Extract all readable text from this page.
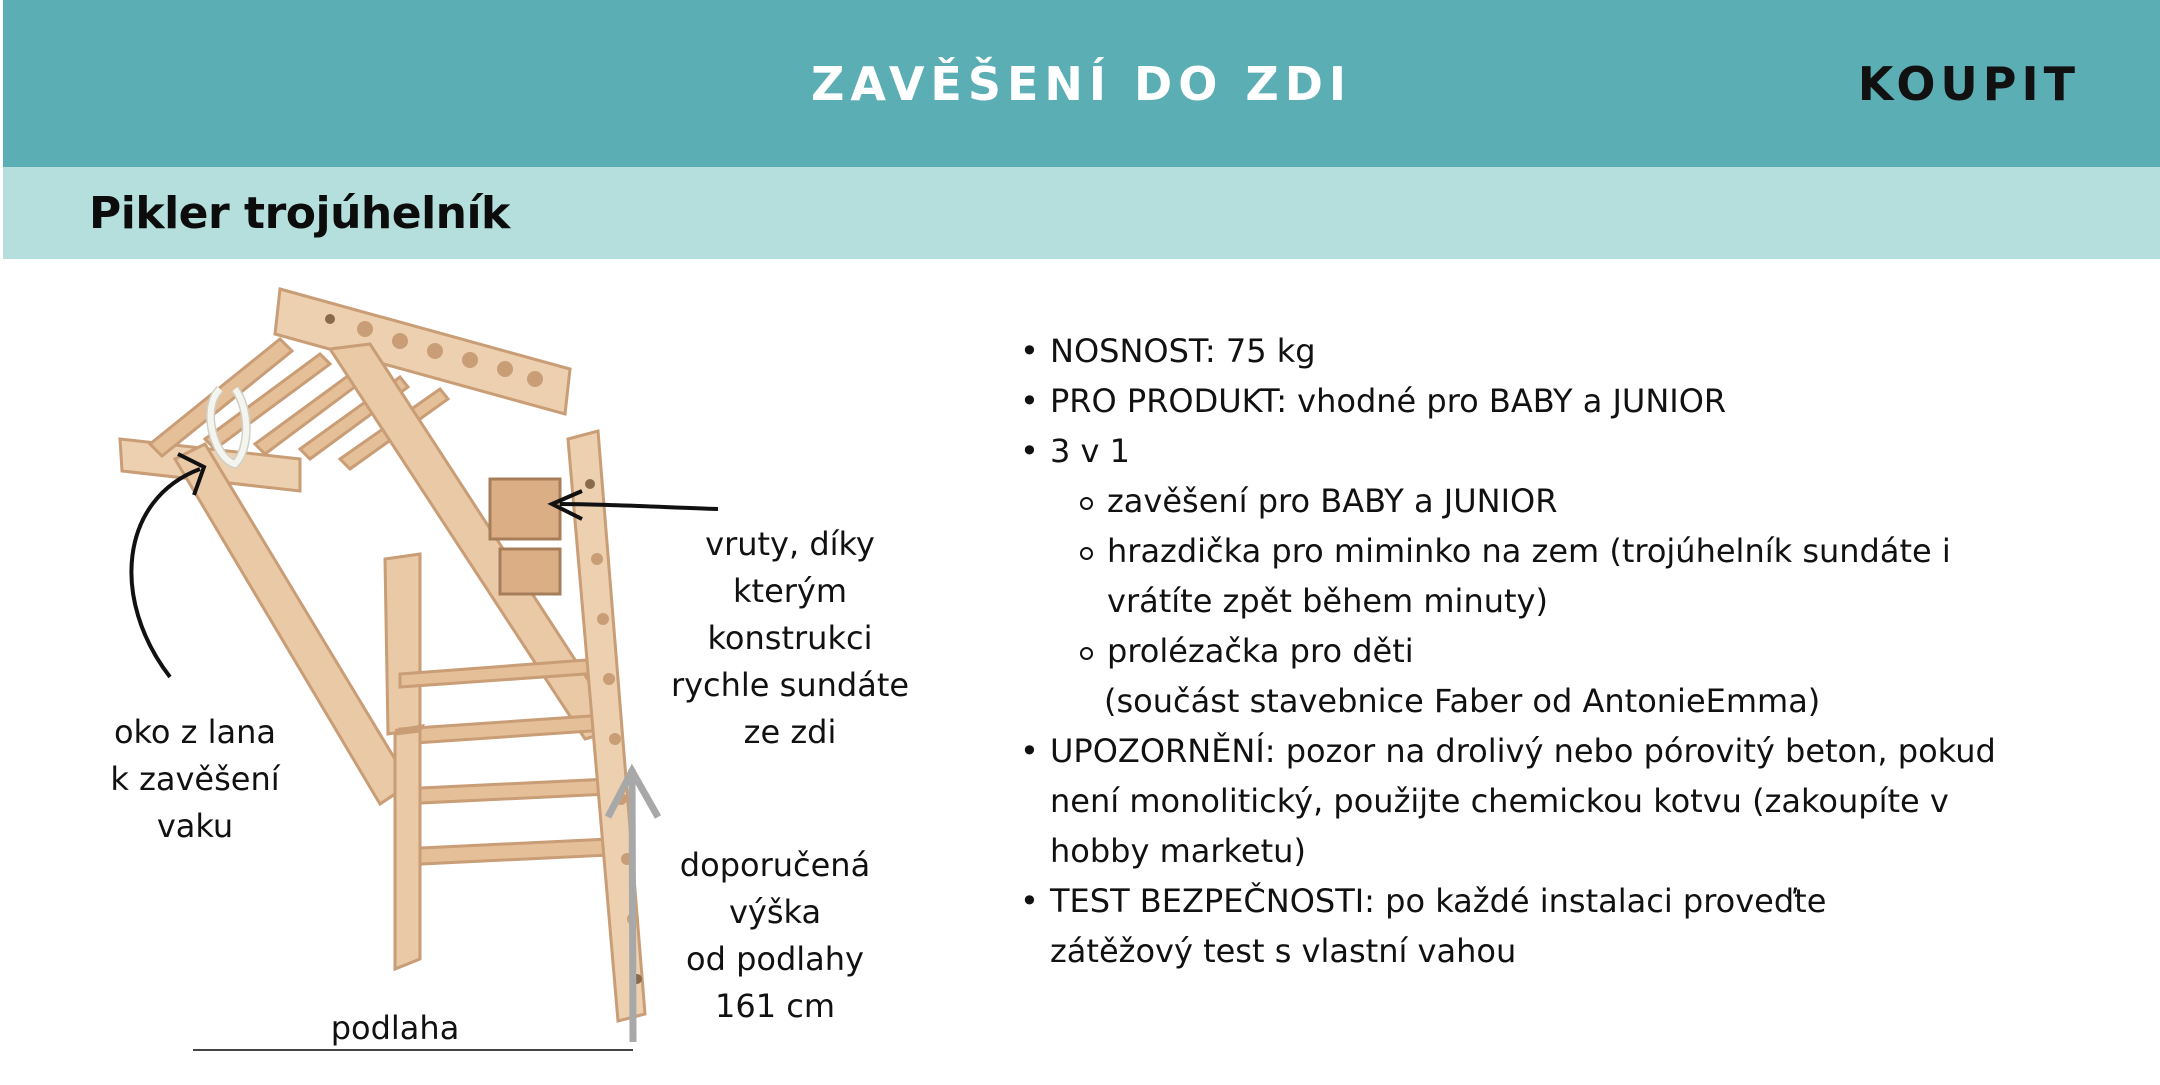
ZAVĚŠENÍ DO ZDI	KOUPIT
Pikler trojúhelník
vruty, díky
kterým
konstrukci
rychle sundáte
ze zdi
oko z lana
k zavěšení
vaku
doporučená
výška
od podlahy
161 cm
podlaha
• NOSNOST: 75 kg
• PRO PRODUKT: vhodné pro BABY a JUNIOR
• 3 v 1
zavěšení pro BABY a JUNIOR
hrazdička pro miminko na zem (trojúhelník sundáte i
vrátíte zpět během minuty)
prolézačka pro děti
(součást stavebnice Faber od AntonieEmma)
• UPOZORNĚNÍ: pozor na drolivý nebo pórovitý beton, pokud
není monolitický, použijte chemickou kotvu (zakoupíte v
hobby marketu)
• TEST BEZPEČNOSTI: po každé instalaci proveďte
zátěžový test s vlastní vahou
